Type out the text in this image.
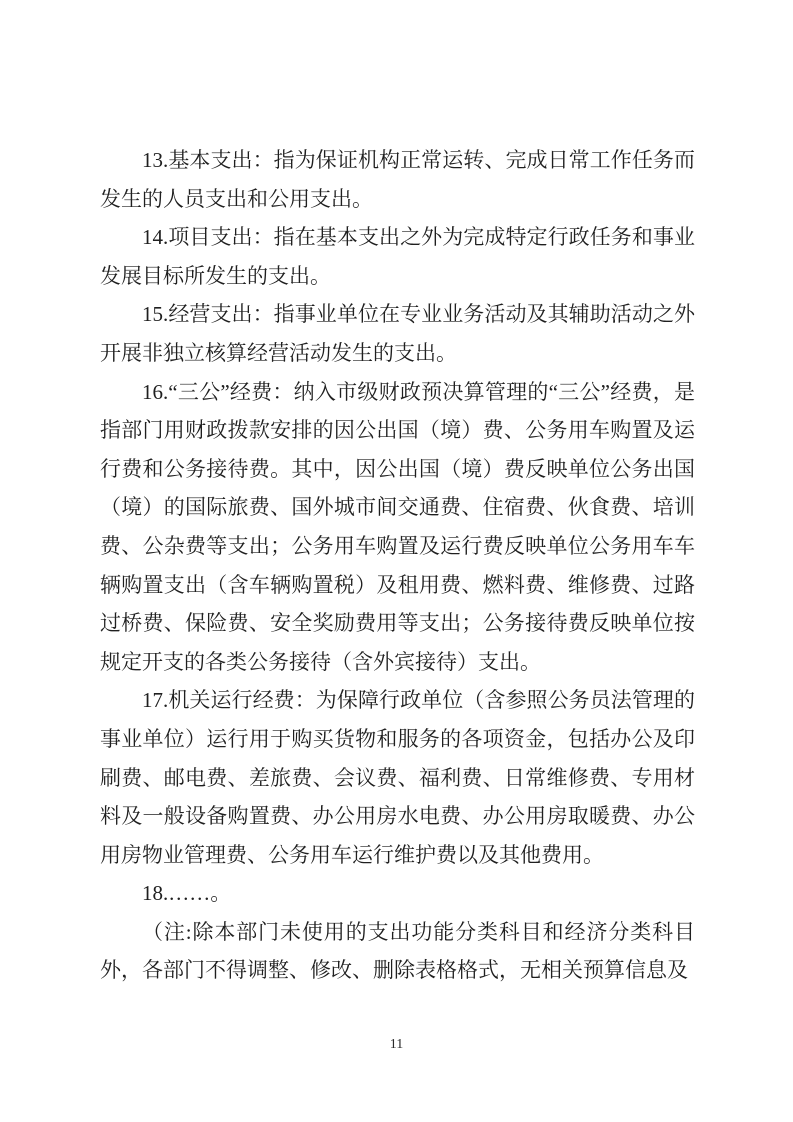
13.基本支出：指为保证机构正常运转、完成日常工作任务而发生的人员支出和公用支出。

14.项目支出：指在基本支出之外为完成特定行政任务和事业发展目标所发生的支出。

15.经营支出：指事业单位在专业业务活动及其辅助活动之外开展非独立核算经营活动发生的支出。

16.“三公”经费：纳入市级财政预决算管理的“三公”经费，是指部门用财政拨款安排的因公出国（境）费、公务用车购置及运行费和公务接待费。其中，因公出国（境）费反映单位公务出国（境）的国际旅费、国外城市间交通费、住宿费、伙食费、培训费、公杂费等支出；公务用车购置及运行费反映单位公务用车车辆购置支出（含车辆购置税）及租用费、燃料费、维修费、过路过桥费、保险费、安全奖励费用等支出；公务接待费反映单位按规定开支的各类公务接待（含外宾接待）支出。

17.机关运行经费：为保障行政单位（含参照公务员法管理的事业单位）运行用于购买货物和服务的各项资金，包括办公及印刷费、邮电费、差旅费、会议费、福利费、日常维修费、专用材料及一般设备购置费、办公用房水电费、办公用房取暖费、办公用房物业管理费、公务用车运行维护费以及其他费用。

18.……。

（注:除本部门未使用的支出功能分类科目和经济分类科目外，各部门不得调整、修改、删除表格格式，无相关预算信息及

11
